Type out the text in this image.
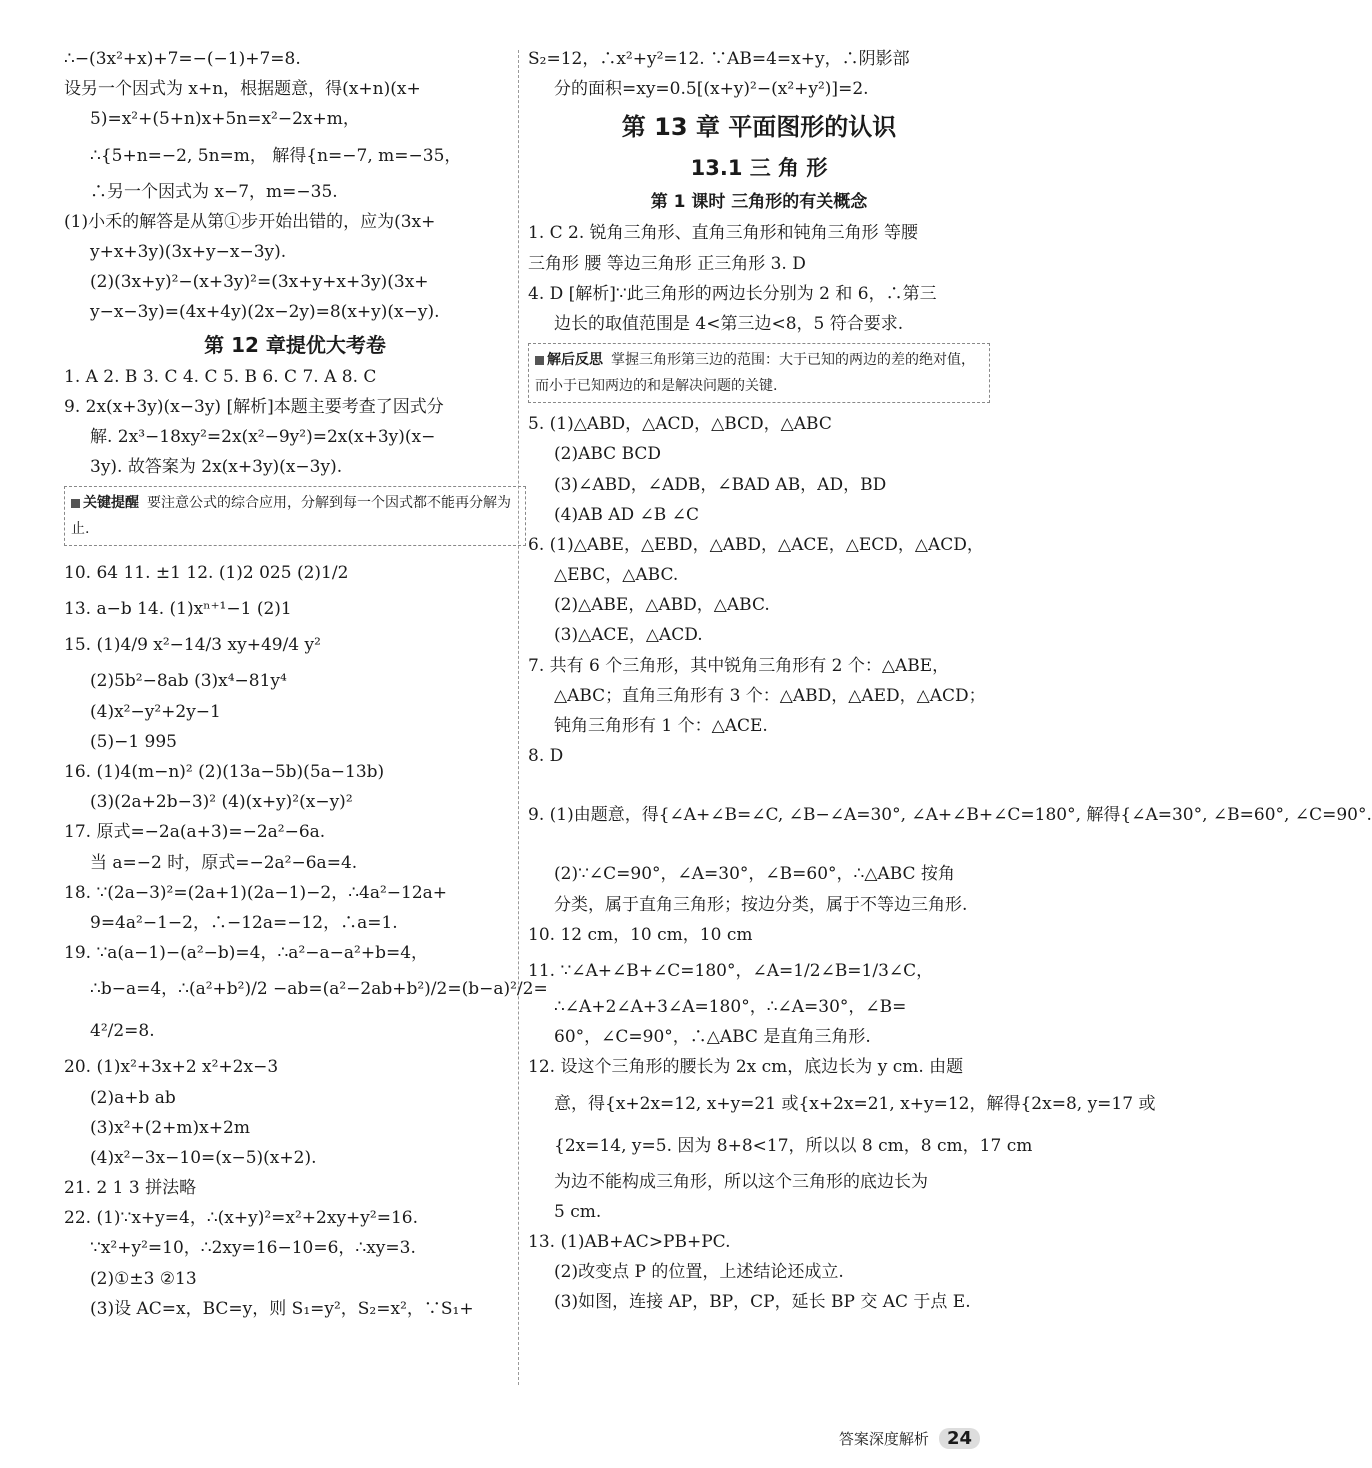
∴−(3x²+x)+7=−(−1)+7=8.
设另一个因式为 x+n，根据题意，得(x+n)(x+
5)=x²+(5+n)x+5n=x²−2x+m，
∴{5+n=−2, 5n=m， 解得{n=−7, m=−35，
∴另一个因式为 x−7，m=−35.
(1)小禾的解答是从第①步开始出错的，应为(3x+
y+x+3y)(3x+y−x−3y).
(2)(3x+y)²−(x+3y)²=(3x+y+x+3y)(3x+
y−x−3y)=(4x+4y)(2x−2y)=8(x+y)(x−y).
第 12 章提优大考卷
1. A 2. B 3. C 4. C 5. B 6. C 7. A 8. C
9. 2x(x+3y)(x−3y) [解析]本题主要考查了因式分
解. 2x³−18xy²=2x(x²−9y²)=2x(x+3y)(x−
3y). 故答案为 2x(x+3y)(x−3y).
关键提醒 要注意公式的综合应用，分解到每一个因式都不能再分解为止.
10. 64 11. ±1 12. (1)2 025 (2)1/2
13. a−b 14. (1)xⁿ⁺¹−1 (2)1
15. (1)4/9 x²−14/3 xy+49/4 y²
(2)5b²−8ab (3)x⁴−81y⁴
(4)x²−y²+2y−1
(5)−1 995
16. (1)4(m−n)² (2)(13a−5b)(5a−13b)
(3)(2a+2b−3)² (4)(x+y)²(x−y)²
17. 原式=−2a(a+3)=−2a²−6a.
当 a=−2 时，原式=−2a²−6a=4.
18. ∵(2a−3)²=(2a+1)(2a−1)−2，∴4a²−12a+
9=4a²−1−2，∴−12a=−12，∴a=1.
19. ∵a(a−1)−(a²−b)=4，∴a²−a−a²+b=4，
∴b−a=4，∴(a²+b²)/2 −ab=(a²−2ab+b²)/2=(b−a)²/2=
4²/2=8.
20. (1)x²+3x+2 x²+2x−3
(2)a+b ab
(3)x²+(2+m)x+2m
(4)x²−3x−10=(x−5)(x+2).
21. 2 1 3 拼法略
22. (1)∵x+y=4，∴(x+y)²=x²+2xy+y²=16.
∵x²+y²=10，∴2xy=16−10=6，∴xy=3.
(2)①±3 ②13
(3)设 AC=x，BC=y，则 S₁=y²，S₂=x²，∵S₁+
S₂=12，∴x²+y²=12. ∵AB=4=x+y，∴阴影部
分的面积=xy=0.5[(x+y)²−(x²+y²)]=2.
第 13 章 平面图形的认识
13.1 三 角 形
第 1 课时 三角形的有关概念
1. C 2. 锐角三角形、直角三角形和钝角三角形 等腰
三角形 腰 等边三角形 正三角形 3. D
4. D [解析]∵此三角形的两边长分别为 2 和 6，∴第三
边长的取值范围是 4<第三边<8，5 符合要求.
解后反思 掌握三角形第三边的范围：大于已知的两边的差的绝对值，而小于已知两边的和是解决问题的关键.
5. (1)△ABD，△ACD，△BCD，△ABC
(2)ABC BCD
(3)∠ABD，∠ADB，∠BAD AB，AD，BD
(4)AB AD ∠B ∠C
6. (1)△ABE，△EBD，△ABD，△ACE，△ECD，△ACD，
△EBC，△ABC.
(2)△ABE，△ABD，△ABC.
(3)△ACE，△ACD.
7. 共有 6 个三角形，其中锐角三角形有 2 个：△ABE，
△ABC；直角三角形有 3 个：△ABD，△AED，△ACD；
钝角三角形有 1 个：△ACE.
8. D
9. (1)由题意，得{∠A+∠B=∠C, ∠B−∠A=30°, ∠A+∠B+∠C=180°, 解得{∠A=30°, ∠B=60°, ∠C=90°.
(2)∵∠C=90°，∠A=30°，∠B=60°，∴△ABC 按角
分类，属于直角三角形；按边分类，属于不等边三角形.
10. 12 cm，10 cm，10 cm
11. ∵∠A+∠B+∠C=180°，∠A=1/2∠B=1/3∠C，
∴∠A+2∠A+3∠A=180°，∴∠A=30°，∠B=
60°，∠C=90°，∴△ABC 是直角三角形.
12. 设这个三角形的腰长为 2x cm，底边长为 y cm. 由题
意，得{x+2x=12, x+y=21 或{x+2x=21, x+y=12，解得{2x=8, y=17 或
{2x=14, y=5. 因为 8+8<17，所以以 8 cm，8 cm，17 cm
为边不能构成三角形，所以这个三角形的底边长为
5 cm.
13. (1)AB+AC>PB+PC.
(2)改变点 P 的位置，上述结论还成立.
(3)如图，连接 AP，BP，CP，延长 BP 交 AC 于点 E.
答案深度解析 24
